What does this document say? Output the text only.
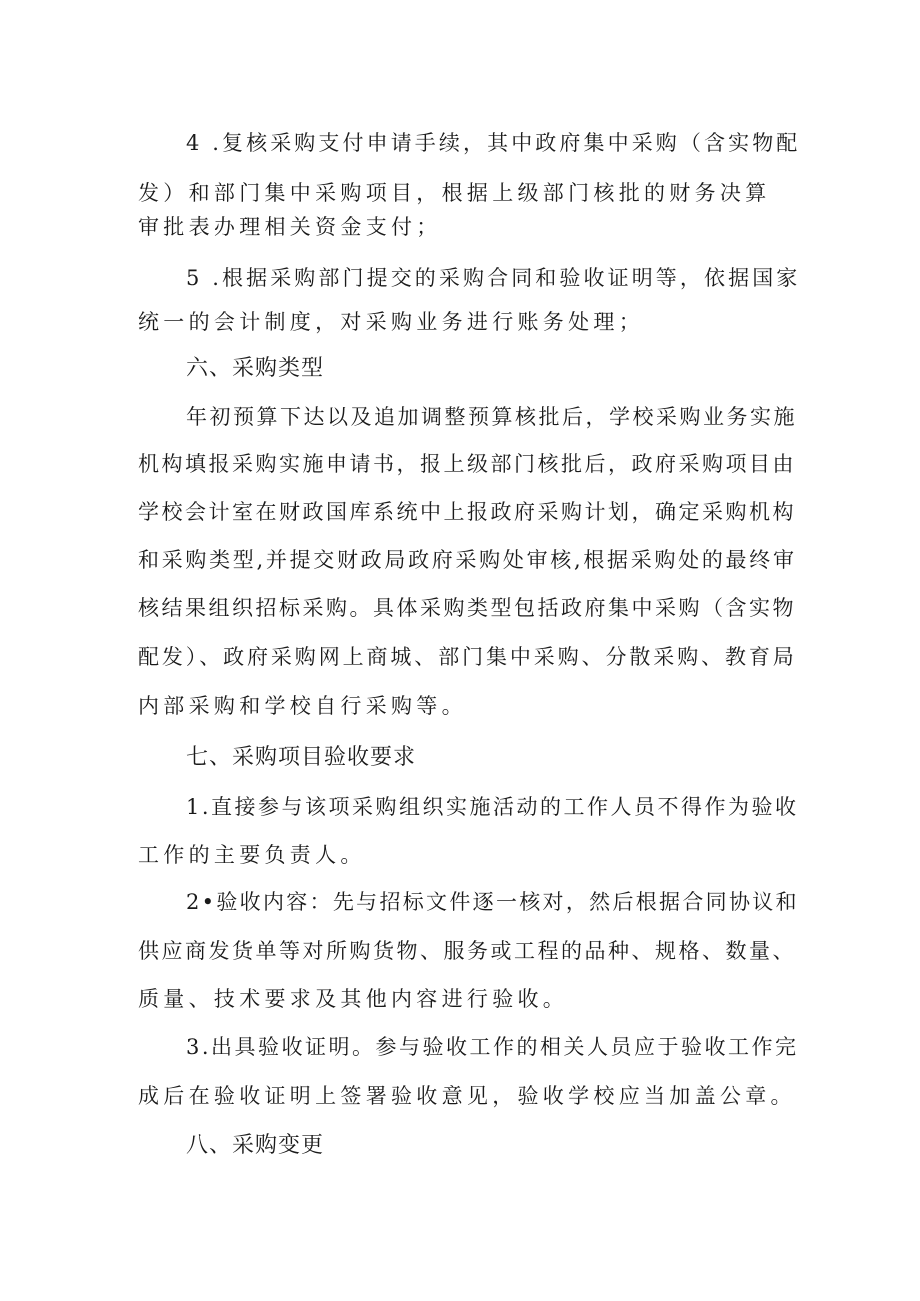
4 .复核采购支付申请手续，其中政府集中采购（含实物配
发）和部门集中采购项目，根据上级部门核批的财务决算
审批表办理相关资金支付；
5 .根据采购部门提交的采购合同和验收证明等，依据国家
统一的会计制度，对采购业务进行账务处理；
六、采购类型
年初预算下达以及追加调整预算核批后，学校采购业务实施
机构填报采购实施申请书，报上级部门核批后，政府采购项目由
学校会计室在财政国库系统中上报政府采购计划，确定采购机构
和采购类型,并提交财政局政府采购处审核,根据采购处的最终审
核结果组织招标采购。具体采购类型包括政府集中采购（含实物
配发）、政府采购网上商城、部门集中采购、分散采购、教育局
内部采购和学校自行采购等。
七、采购项目验收要求
1.直接参与该项采购组织实施活动的工作人员不得作为验收
工作的主要负责人。
2•验收内容：先与招标文件逐一核对，然后根据合同协议和
供应商发货单等对所购货物、服务或工程的品种、规格、数量、
质量、技术要求及其他内容进行验收。
3.出具验收证明。参与验收工作的相关人员应于验收工作完
成后在验收证明上签署验收意见，验收学校应当加盖公章。
八、采购变更
